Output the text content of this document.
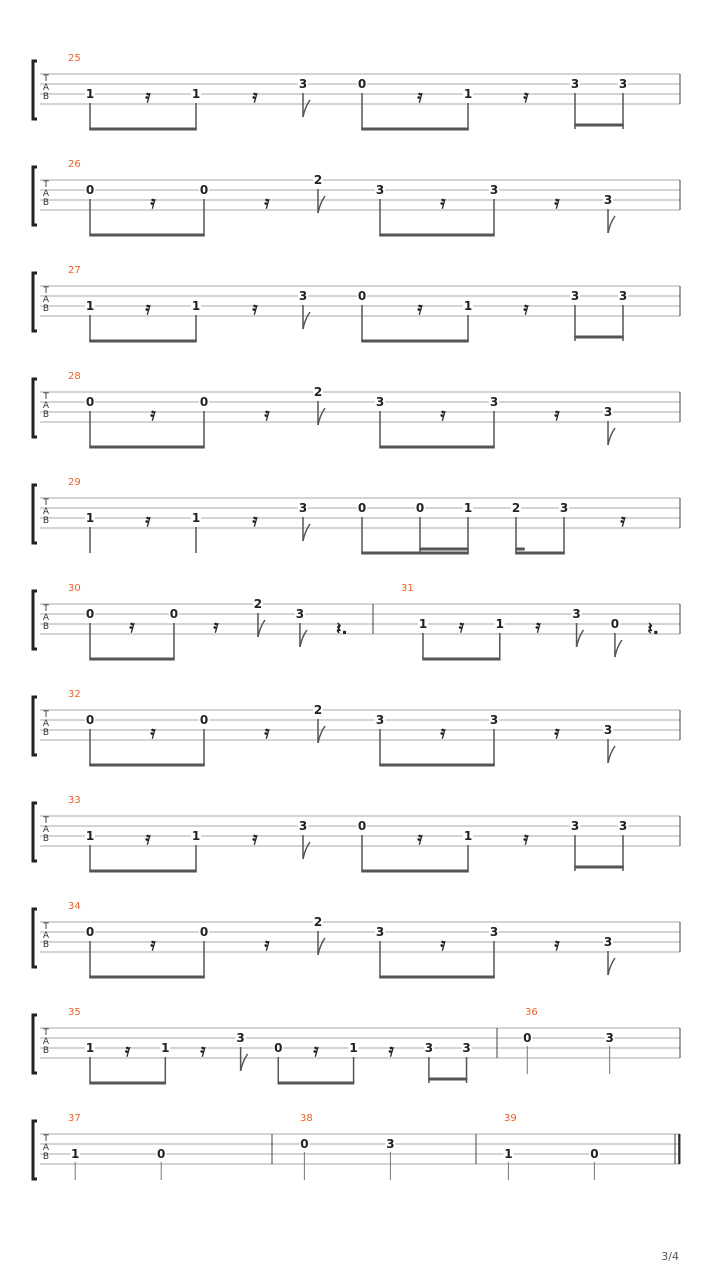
T
A
B
25
1	𝄿	1	𝄿
3	0
𝄿	1	𝄿
3	3
T
A
B
26
0
𝄿
0
𝄿
2
3
𝄿
3
𝄿	3
T
A
B
27
1	𝄿	1	𝄿
3	0
𝄿	1	𝄿
3	3
T
A
B
28
0
𝄿
0
𝄿
2
3
𝄿
3
𝄿	3
T
A
B
29
1	𝄿	1	𝄿
3	0	0	1	2	3
𝄿
T
A
B
30
0
𝄿
0
𝄿
2
3
𝄽.
31
1 𝄿	1 𝄿
3
0 𝄽.
T
A
B
32
0
𝄿
0
𝄿
2
3
𝄿
3
𝄿	3
T
A
B
33
1	𝄿	1	𝄿
3	0
𝄿	1	𝄿
3	3
T
A
B
34
0
𝄿
0
𝄿
2
3
𝄿
3
𝄿	3
T
A
B
35
1 𝄿	1 𝄿
3
0 𝄿	1 𝄿	3 3
36
0	3
T
A
B
37
1	0
38
0	3
39
1	0
3/4
